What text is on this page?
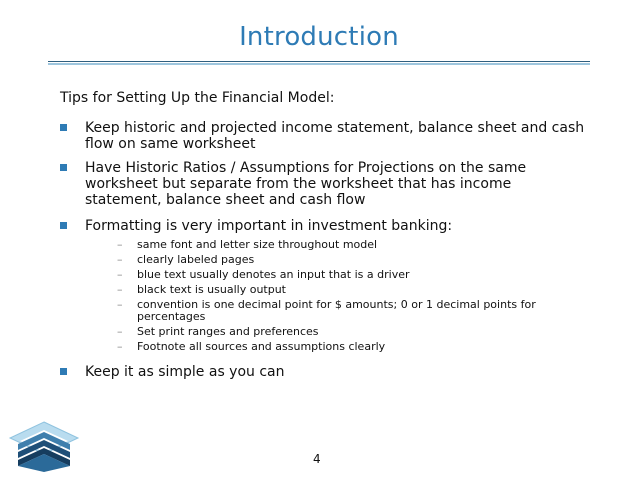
Introduction
Tips for Setting Up the Financial Model:
Keep historic and projected income statement, balance sheet and cash flow on same worksheet
Have Historic Ratios / Assumptions for Projections on the same worksheet but separate from the worksheet that has income statement, balance sheet and cash flow
Formatting is very important in investment banking:
– same font and letter size throughout model
– clearly labeled pages
– blue text usually denotes an input that is a driver
– black text is usually output
– convention is one decimal point for $ amounts; 0 or 1 decimal points for percentages
– Set print ranges and preferences
– Footnote all sources and assumptions clearly
Keep it as simple as you can
4
